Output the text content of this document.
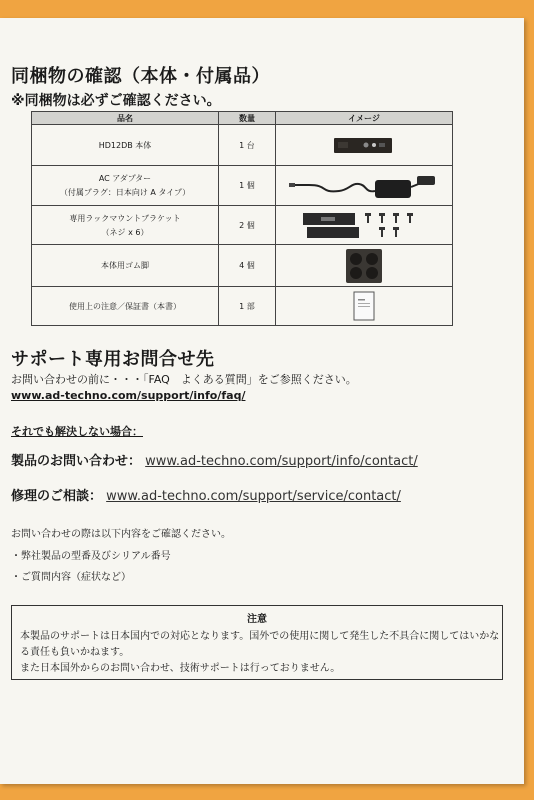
同梱物の確認（本体・付属品）
※同梱物は必ずご確認ください。
品名	数量	イメージ
HD12DB 本体	1 台	

AC アダプター
（付属プラグ：日本向け A タイプ）	1 個	

専用ラックマウントブラケット
（ネジ x 6）	2 個	

本体用ゴム脚	4 個	

使用上の注意／保証書（本書）	1 部	
サポート専用お問合せ先
お問い合わせの前に・・・「FAQ　よくある質問」をご参照ください。
www.ad-techno.com/support/info/faq/
それでも解決しない場合：
製品のお問い合わせ： www.ad-techno.com/support/info/contact/
修理のご相談： www.ad-techno.com/support/service/contact/
お問い合わせの際は以下内容をご確認ください。
・弊社製品の型番及びシリアル番号
・ご質問内容（症状など）
注意
本製品のサポートは日本国内での対応となります。国外での使用に関して発生した不具合に関してはいかな
る責任も負いかねます。
また日本国外からのお問い合わせ、技術サポートは行っておりません。
